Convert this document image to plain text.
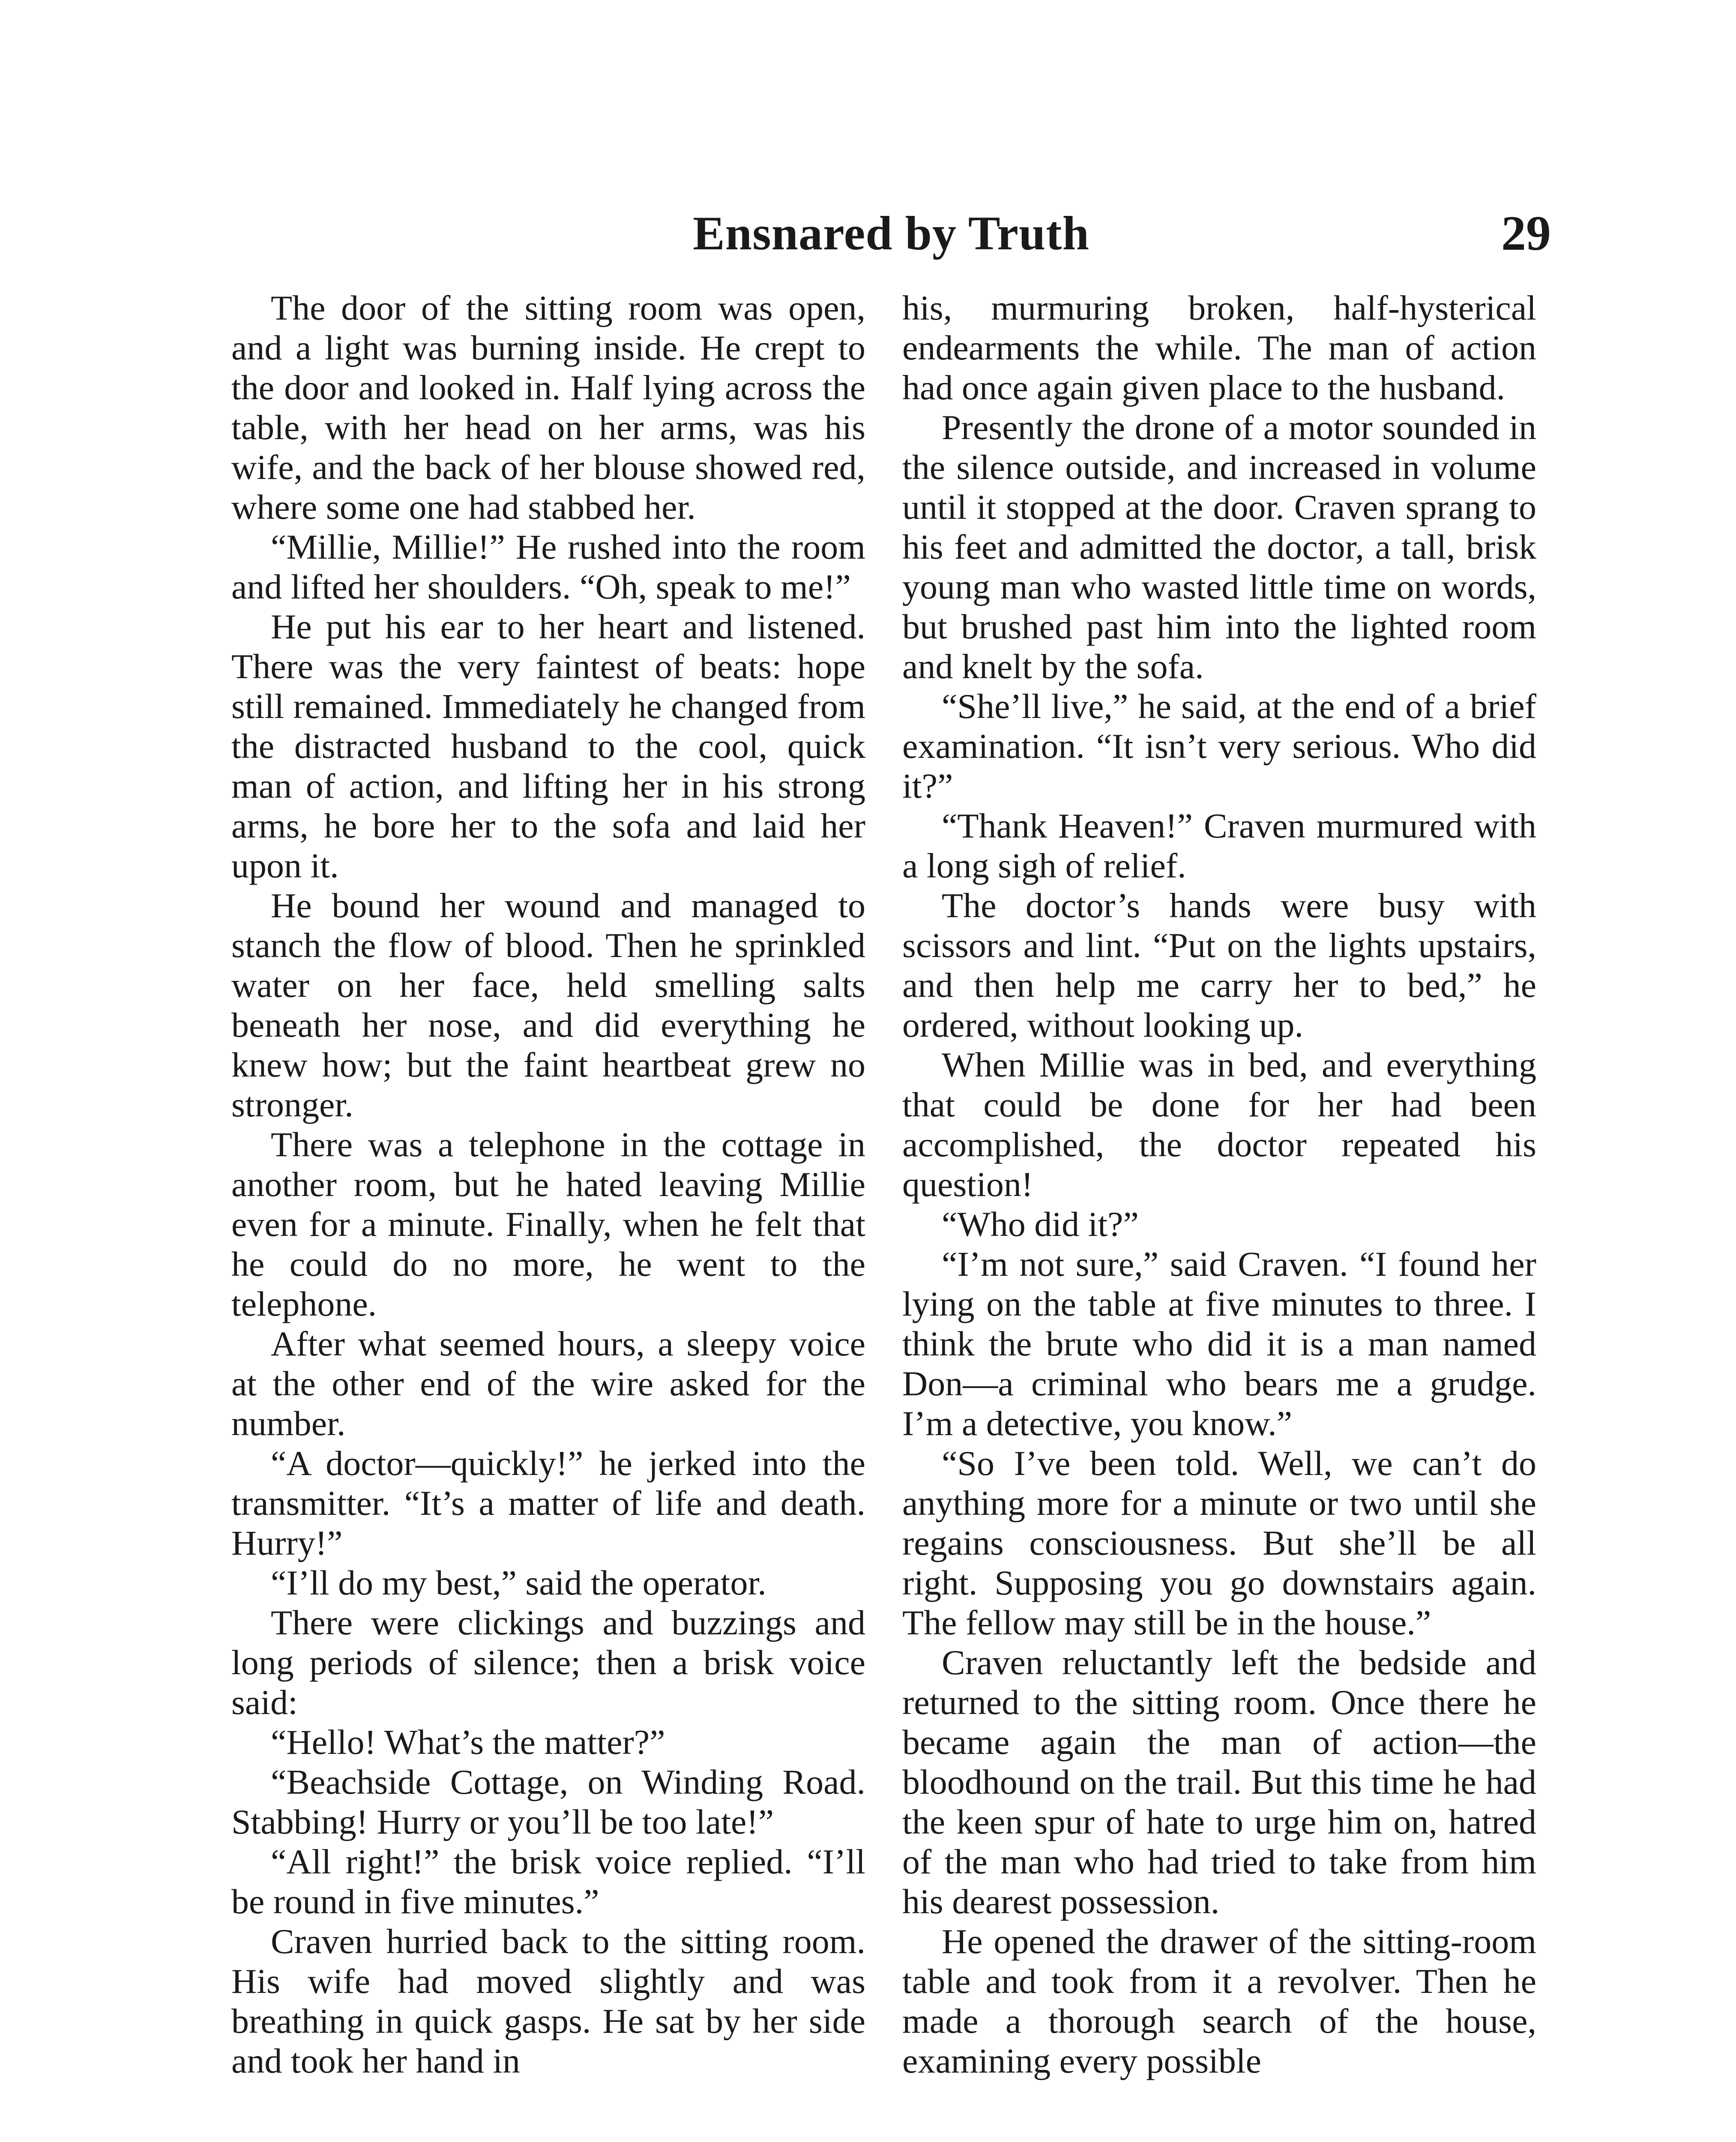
Ensnared by Truth	29

The door of the sitting room was open, and a light was burning inside. He crept to the door and looked in. Half lying across the table, with her head on her arms, was his wife, and the back of her blouse showed red, where some one had stabbed her.

“Millie, Millie!” He rushed into the room and lifted her shoulders. “Oh, speak to me!”

He put his ear to her heart and listened. There was the very faintest of beats: hope still remained. Immediately he changed from the distracted husband to the cool, quick man of action, and lifting her in his strong arms, he bore her to the sofa and laid her upon it.

He bound her wound and managed to stanch the flow of blood. Then he sprinkled water on her face, held smelling salts beneath her nose, and did everything he knew how; but the faint heartbeat grew no stronger.

There was a telephone in the cottage in another room, but he hated leaving Millie even for a minute. Finally, when he felt that he could do no more, he went to the telephone.

After what seemed hours, a sleepy voice at the other end of the wire asked for the number.

“A doctor—quickly!” he jerked into the transmitter. “It’s a matter of life and death. Hurry!”

“I’ll do my best,” said the operator.

There were clickings and buzzings and long periods of silence; then a brisk voice said:

“Hello! What’s the matter?”

“Beachside Cottage, on Winding Road. Stabbing! Hurry or you’ll be too late!”

“All right!” the brisk voice replied. “I’ll be round in five minutes.”

Craven hurried back to the sitting room. His wife had moved slightly and was breathing in quick gasps. He sat by her side and took her hand in

his, murmuring broken, half-hysterical endearments the while. The man of action had once again given place to the husband.

Presently the drone of a motor sounded in the silence outside, and increased in volume until it stopped at the door. Craven sprang to his feet and admitted the doctor, a tall, brisk young man who wasted little time on words, but brushed past him into the lighted room and knelt by the sofa.

“She’ll live,” he said, at the end of a brief examination. “It isn’t very serious. Who did it?”

“Thank Heaven!” Craven murmured with a long sigh of relief.

The doctor’s hands were busy with scissors and lint. “Put on the lights upstairs, and then help me carry her to bed,” he ordered, without looking up.

When Millie was in bed, and everything that could be done for her had been accomplished, the doctor repeated his question!

“Who did it?”

“I’m not sure,” said Craven. “I found her lying on the table at five minutes to three. I think the brute who did it is a man named Don—a criminal who bears me a grudge. I’m a detective, you know.”

“So I’ve been told. Well, we can’t do anything more for a minute or two until she regains consciousness. But she’ll be all right. Supposing you go downstairs again. The fellow may still be in the house.”

Craven reluctantly left the bedside and returned to the sitting room. Once there he became again the man of action—the bloodhound on the trail. But this time he had the keen spur of hate to urge him on, hatred of the man who had tried to take from him his dearest possession.

He opened the drawer of the sitting-room table and took from it a revolver. Then he made a thorough search of the house, examining every possible
